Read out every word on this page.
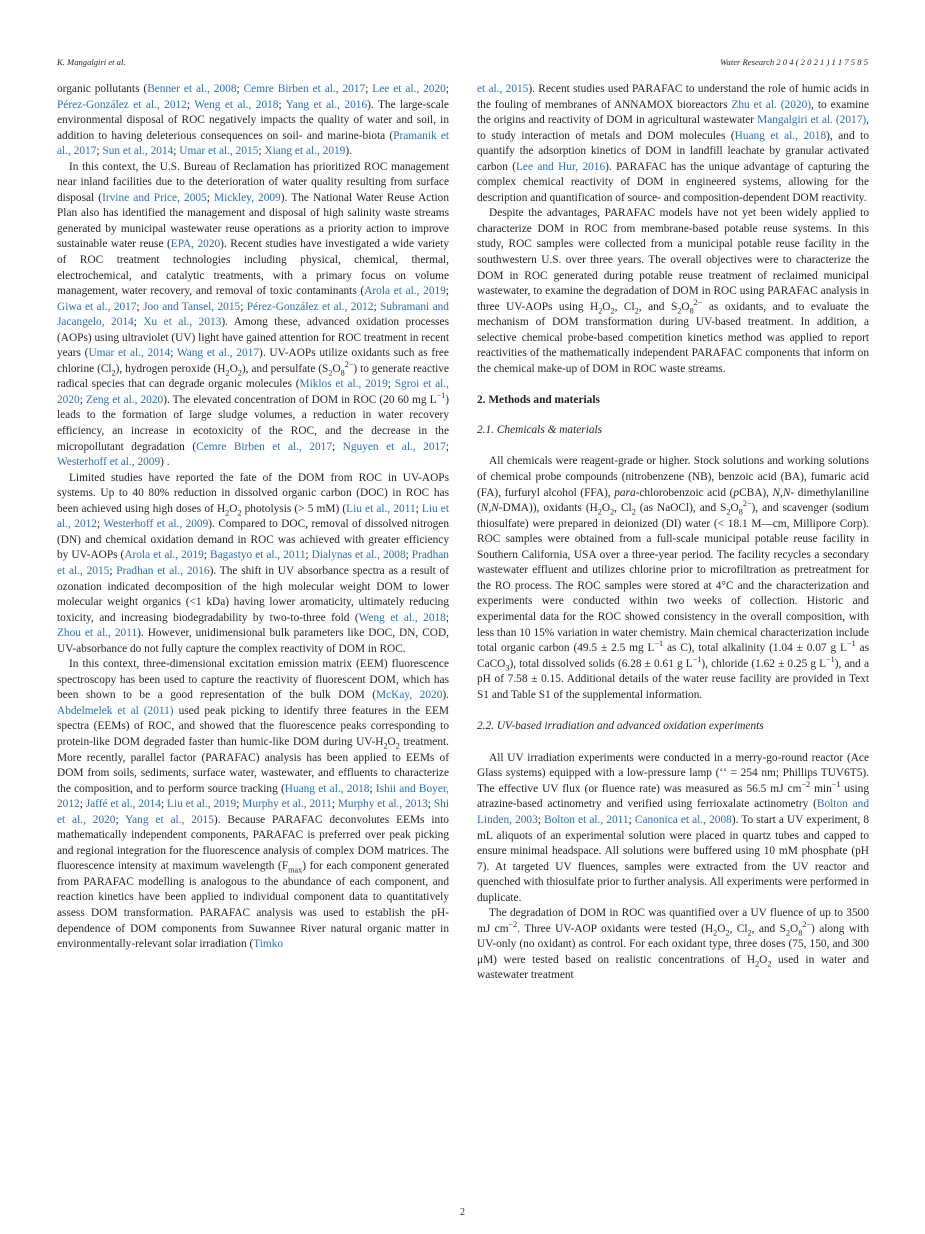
K. Mangalgiri et al.	Water Research 2 0 4 ( 2 0 2 1 ) 1 1 7 5 8 5

organic pollutants (Benner et al., 2008; Cemre Birben et al., 2017; Lee et al., 2020; Pérez-González et al., 2012; Weng et al., 2018; Yang et al., 2016). The large-scale environmental disposal of ROC negatively impacts the quality of water and soil, in addition to having deleterious consequences on soil- and marine-biota (Pramanik et al., 2017; Sun et al., 2014; Umar et al., 2015; Xiang et al., 2019).

In this context, the U.S. Bureau of Reclamation has prioritized ROC management near inland facilities due to the deterioration of water quality resulting from surface disposal (Irvine and Price, 2005; Mickley, 2009). The National Water Reuse Action Plan also has identified the management and disposal of high salinity waste streams generated by municipal wastewater reuse operations as a priority action to improve sustainable water reuse (EPA, 2020). Recent studies have investigated a wide variety of ROC treatment technologies including physical, chemical, thermal, electrochemical, and catalytic treatments, with a primary focus on volume management, water recovery, and removal of toxic contaminants (Arola et al., 2019; Giwa et al., 2017; Joo and Tansel, 2015; Pérez-González et al., 2012; Subramani and Jacangelo, 2014; Xu et al., 2013). Among these, advanced oxidation processes (AOPs) using ultraviolet (UV) light have gained attention for ROC treatment in recent years (Umar et al., 2014; Wang et al., 2017). UV-AOPs utilize oxidants such as free chlorine $(Cl_2)$, hydrogen peroxide $(H_2O_2)$, and persulfate $(S_2O_8^{2-})$ to generate reactive radical species that can degrade organic molecules (Miklos et al., 2019; Sgroi et al., 2020; Zeng et al., 2020). The elevated concentration of DOM in ROC (20 60 mg $L^{-1}$) leads to the formation of large sludge volumes, a reduction in water recovery efficiency, an increase in ecotoxicity of the ROC, and the decrease in the micropollutant degradation (Cemre Birben et al., 2017; Nguyen et al., 2017; Westerhoff et al., 2009) .

Limited studies have reported the fate of the DOM from ROC in UV-AOPs systems. Up to 40 80% reduction in dissolved organic carbon (DOC) in ROC has been achieved using high doses of $H_2O_2$ photolysis (> 5 mM) (Liu et al., 2011; Liu et al., 2012; Westerhoff et al., 2009). Compared to DOC, removal of dissolved nitrogen (DN) and chemical oxidation demand in ROC was achieved with greater efficiency by UV-AOPs (Arola et al., 2019; Bagastyo et al., 2011; Dialynas et al., 2008; Pradhan et al., 2015; Pradhan et al., 2016). The shift in UV absorbance spectra as a result of ozonation indicated decomposition of the high molecular weight DOM to lower molecular weight organics (<1 kDa) having lower aromaticity, ultimately reducing toxicity, and increasing biodegradability by two-to-three fold (Weng et al., 2018; Zhou et al., 2011). However, unidimensional bulk parameters like DOC, DN, COD, UV-absorbance do not fully capture the complex reactivity of DOM in ROC.

In this context, three-dimensional excitation emission matrix (EEM) fluorescence spectroscopy has been used to capture the reactivity of fluorescent DOM, which has been shown to be a good representation of the bulk DOM (McKay, 2020). Abdelmelek et al (2011) used peak picking to identify three features in the EEM spectra (EEMs) of ROC, and showed that the fluorescence peaks corresponding to protein-like DOM degraded faster than humic-like DOM during $UV-H_2O_2$ treatment. More recently, parallel factor (PARAFAC) analysis has been applied to EEMs of DOM from soils, sediments, surface water, wastewater, and effluents to characterize the composition, and to perform source tracking (Huang et al., 2018; Ishii and Boyer, 2012; Jaffé et al., 2014; Liu et al., 2019; Murphy et al., 2011; Murphy et al., 2013; Shi et al., 2020; Yang et al., 2015). Because PARAFAC deconvolutes EEMs into mathematically independent components, PARAFAC is preferred over peak picking and regional integration for the fluorescence analysis of complex DOM matrices. The fluorescence intensity at maximum wavelength $(F_{max})$ for each component generated from PARAFAC modelling is analogous to the abundance of each component, and reaction kinetics have been applied to individual component data to quantitatively assess DOM transformation. PARAFAC analysis was used to establish the pH-dependence of DOM components from Suwannee River natural organic matter in environmentally-relevant solar irradiation (Timko

et al., 2015). Recent studies used PARAFAC to understand the role of humic acids in the fouling of membranes of ANNAMOX bioreactors Zhu et al. (2020), to examine the origins and reactivity of DOM in agricultural wastewater Mangalgiri et al. (2017), to study interaction of metals and DOM molecules (Huang et al., 2018), and to quantify the adsorption kinetics of DOM in landfill leachate by granular activated carbon (Lee and Hur, 2016). PARAFAC has the unique advantage of capturing the complex chemical reactivity of DOM in engineered systems, allowing for the description and quantification of source- and composition-dependent DOM reactivity.

Despite the advantages, PARAFAC models have not yet been widely applied to characterize DOM in ROC from membrane-based potable reuse systems. In this study, ROC samples were collected from a municipal potable reuse facility in the southwestern U.S. over three years. The overall objectives were to characterize the DOM in ROC generated during potable reuse treatment of reclaimed municipal wastewater, to examine the degradation of DOM in ROC using PARAFAC analysis in three UV-AOPs using $H_2O_2$, $Cl_2$, and $S_2O_8^{2-}$ as oxidants, and to evaluate the mechanism of DOM transformation during UV-based treatment. In addition, a selective chemical probe-based competition kinetics method was applied to report reactivities of the mathematically independent PARAFAC components that inform on the chemical make-up of DOM in ROC waste streams.

2. Methods and materials

2.1. Chemicals & materials

All chemicals were reagent-grade or higher. Stock solutions and working solutions of chemical probe compounds (nitrobenzene (NB), benzoic acid (BA), fumaric acid (FA), furfuryl alcohol (FFA), para-chlorobenzoic acid (pCBA), N,N- dimethylaniline (N,N-DMA)), oxidants ($H_2O_2$, $Cl_2$ (as NaOCl), and $S_2O_8^{2-}$), and scavenger (sodium thiosulfate) were prepared in deionized (DI) water (< 18.1 M—cm, Millipore Corp). ROC samples were obtained from a full-scale municipal potable reuse facility in Southern California, USA over a three-year period. The facility recycles a secondary wastewater effluent and utilizes chlorine prior to microfiltration as pretreatment for the RO process. The ROC samples were stored at 4°C and the characterization and experiments were conducted within two weeks of collection. Historic and experimental data for the ROC showed consistency in the overall composition, with less than 10 15% variation in water chemistry. Main chemical characterization include total organic carbon (49.5 ± 2.5 mg $L^{-1}$ as C), total alkalinity (1.04 ± 0.07 g $L^{-1}$ as CaCO$_3$), total dissolved solids (6.28 ± 0.61 g $L^{-1}$), chloride (1.62 ± 0.25 g $L^{-1}$), and a pH of 7.58 ± 0.15. Additional details of the water reuse facility are provided in Text S1 and Table S1 of the supplemental information.

2.2. UV-based irradiation and advanced oxidation experiments

All UV irradiation experiments were conducted in a merry-go-round reactor (Ace Glass systems) equipped with a low-pressure lamp (ʻʻ = 254 nm; Phillips TUV6T5). The effective UV flux (or fluence rate) was measured as 56.5 mJ $cm^{-2}$ $\min^{-1} using$ atrazine-based actinometry and verified using ferrioxalate actinometry (Bolton and Linden, 2003; Bolton et al., 2011; Canonica et al., 2008). To start a UV experiment, 8 mL aliquots of an experimental solution were placed in quartz tubes and capped to ensure minimal headspace. All solutions were buffered using 10 mM phosphate (pH 7). At targeted UV fluences, samples were extracted from the UV reactor and quenched with thiosulfate prior to further analysis. All experiments were performed in duplicate.

The degradation of DOM in ROC was quantified over a UV fluence of up to 3500 mJ $cm^{-2}$. Three UV-AOP oxidants were tested ($H_2O_2$, $Cl_2$, and $S_2O_8^{2-}$) along with UV-only (no oxidant) as control. For each oxidant type, three doses (75, 150, and 300 μM) were tested based on realistic concentrations of $H_2O_2$ used in water and wastewater treatment

2
